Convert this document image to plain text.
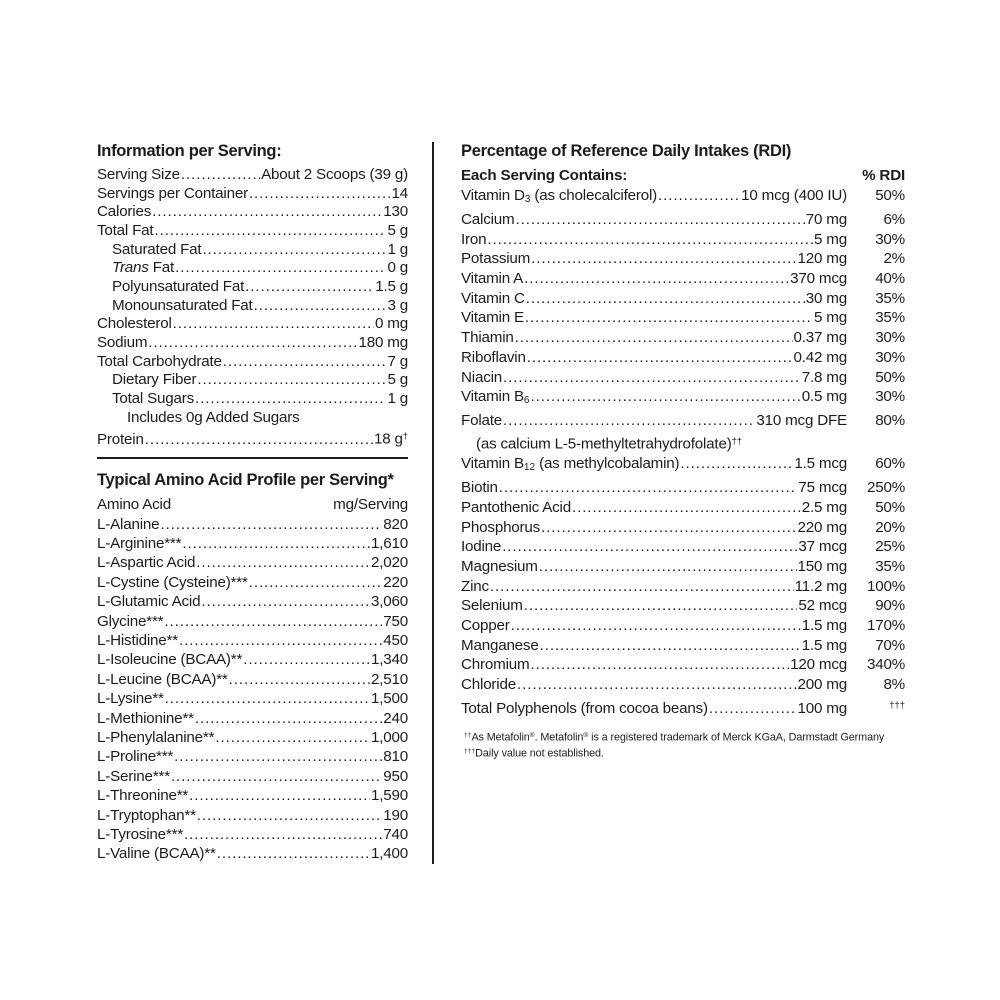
Information per Serving:
Serving Size .....	About 2 Scoops (39 g)
Servings per Container .....	14
Calories .....	130
Total Fat .....	5 g
Saturated Fat .....	1 g
Trans Fat .....	0 g
Polyunsaturated Fat .....	1.5 g
Monounsaturated Fat .....	3 g
Cholesterol .....	0 mg
Sodium .....	180 mg
Total Carbohydrate .....	7 g
Dietary Fiber .....	5 g
Total Sugars .....	1 g
Includes 0g Added Sugars
Protein .....	18 g†
Typical Amino Acid Profile per Serving*
Amino Acid	mg/Serving
L-Alanine .....	820
L-Arginine*** .....	1,610
L-Aspartic Acid .....	2,020
L-Cystine (Cysteine)*** .....	220
L-Glutamic Acid .....	3,060
Glycine*** .....	750
L-Histidine** .....	450
L-Isoleucine (BCAA)** .....	1,340
L-Leucine (BCAA)** .....	2,510
L-Lysine** .....	1,500
L-Methionine** .....	240
L-Phenylalanine** .....	1,000
L-Proline*** .....	810
L-Serine*** .....	950
L-Threonine** .....	1,590
L-Tryptophan** .....	190
L-Tyrosine*** .....	740
L-Valine (BCAA)** .....	1,400
Percentage of Reference Daily Intakes (RDI)
Each Serving Contains:	% RDI
Vitamin $D_3$ (as cholecalciferol) .....	10 mcg (400 IU)	50%
Calcium .....	70 mg	6%
Iron .....	5 mg	30%
Potassium .....	120 mg	2%
Vitamin A .....	370 mcg	40%
Vitamin C .....	30 mg	35%
Vitamin E .....	5 mg	35%
Thiamin .....	0.37 mg	30%
Riboflavin .....	0.42 mg	30%
Niacin .....	7.8 mg	50%
Vitamin $B_6$ .....	0.5 mg	30%
Folate .....	310 mcg DFE	80%
(as calcium L-5-methyltetrahydrofolate)††
Vitamin $B_{12}$ (as methylcobalamin) .....	1.5 mcg	60%
Biotin .....	75 mcg	250%
Pantothenic Acid .....	2.5 mg	50%
Phosphorus .....	220 mg	20%
Iodine .....	37 mcg	25%
Magnesium .....	150 mg	35%
Zinc .....	11.2 mg	100%
Selenium .....	52 mcg	90%
Copper .....	1.5 mg	170%
Manganese .....	1.5 mg	70%
Chromium .....	120 mcg	340%
Chloride .....	200 mg	8%
Total Polyphenols (from cocoa beans) .....	100 mg	†††
††As Metafolin®. Metafolin® is a registered trademark of Merck KGaA, Darmstadt Germany
†††Daily value not established.
